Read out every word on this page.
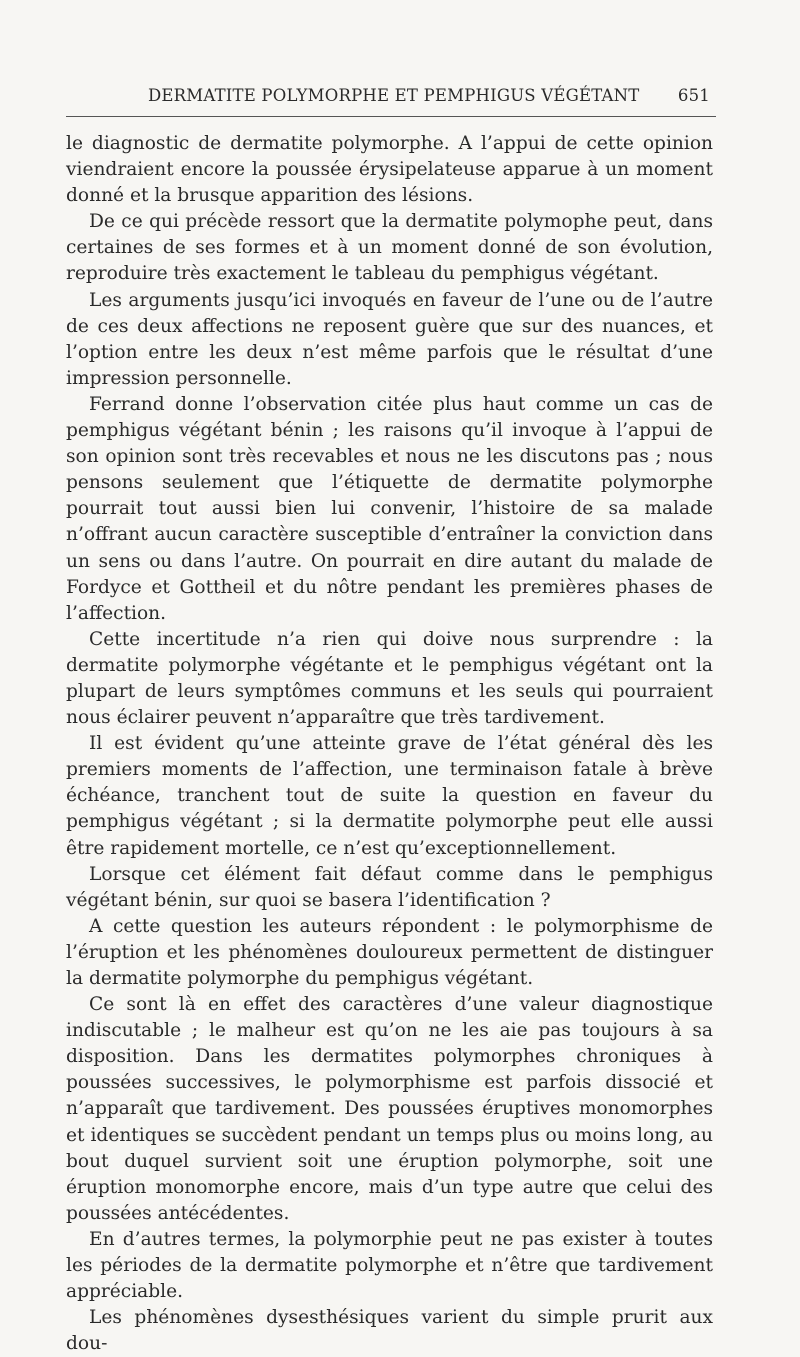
DERMATITE POLYMORPHE ET PEMPHIGUS VÉGÉTANT 651

le diagnostic de dermatite polymorphe. A l’appui de cette opinion viendraient encore la poussée érysipelateuse apparue à un moment donné et la brusque apparition des lésions.

De ce qui précède ressort que la dermatite polymophe peut, dans certaines de ses formes et à un moment donné de son évolution, reproduire très exactement le tableau du pemphigus végétant.

Les arguments jusqu’ici invoqués en faveur de l’une ou de l’autre de ces deux affections ne reposent guère que sur des nuances, et l’option entre les deux n’est même parfois que le résultat d’une impression personnelle.

Ferrand donne l’observation citée plus haut comme un cas de pemphigus végétant bénin ; les raisons qu’il invoque à l’appui de son opinion sont très recevables et nous ne les discutons pas ; nous pensons seulement que l’étiquette de dermatite polymorphe pourrait tout aussi bien lui convenir, l’histoire de sa malade n’offrant aucun caractère susceptible d’entraîner la conviction dans un sens ou dans l’autre. On pourrait en dire autant du malade de Fordyce et Gottheil et du nôtre pendant les premières phases de l’affection.

Cette incertitude n’a rien qui doive nous surprendre : la dermatite polymorphe végétante et le pemphigus végétant ont la plupart de leurs symptômes communs et les seuls qui pourraient nous éclairer peuvent n’apparaître que très tardivement.

Il est évident qu’une atteinte grave de l’état général dès les premiers moments de l’affection, une terminaison fatale à brève échéance, tranchent tout de suite la question en faveur du pemphigus végétant ; si la dermatite polymorphe peut elle aussi être rapidement mortelle, ce n’est qu’exceptionnellement.

Lorsque cet élément fait défaut comme dans le pemphigus végétant bénin, sur quoi se basera l’identification ?

A cette question les auteurs répondent : le polymorphisme de l’éruption et les phénomènes douloureux permettent de distinguer la dermatite polymorphe du pemphigus végétant.

Ce sont là en effet des caractères d’une valeur diagnostique indiscutable ; le malheur est qu’on ne les aie pas toujours à sa disposition. Dans les dermatites polymorphes chroniques à poussées successives, le polymorphisme est parfois dissocié et n’apparaît que tardivement. Des poussées éruptives monomorphes et identiques se succèdent pendant un temps plus ou moins long, au bout duquel survient soit une éruption polymorphe, soit une éruption monomorphe encore, mais d’un type autre que celui des poussées antécédentes.

En d’autres termes, la polymorphie peut ne pas exister à toutes les périodes de la dermatite polymorphe et n’être que tardivement appréciable.

Les phénomènes dysesthésiques varient du simple prurit aux dou-
